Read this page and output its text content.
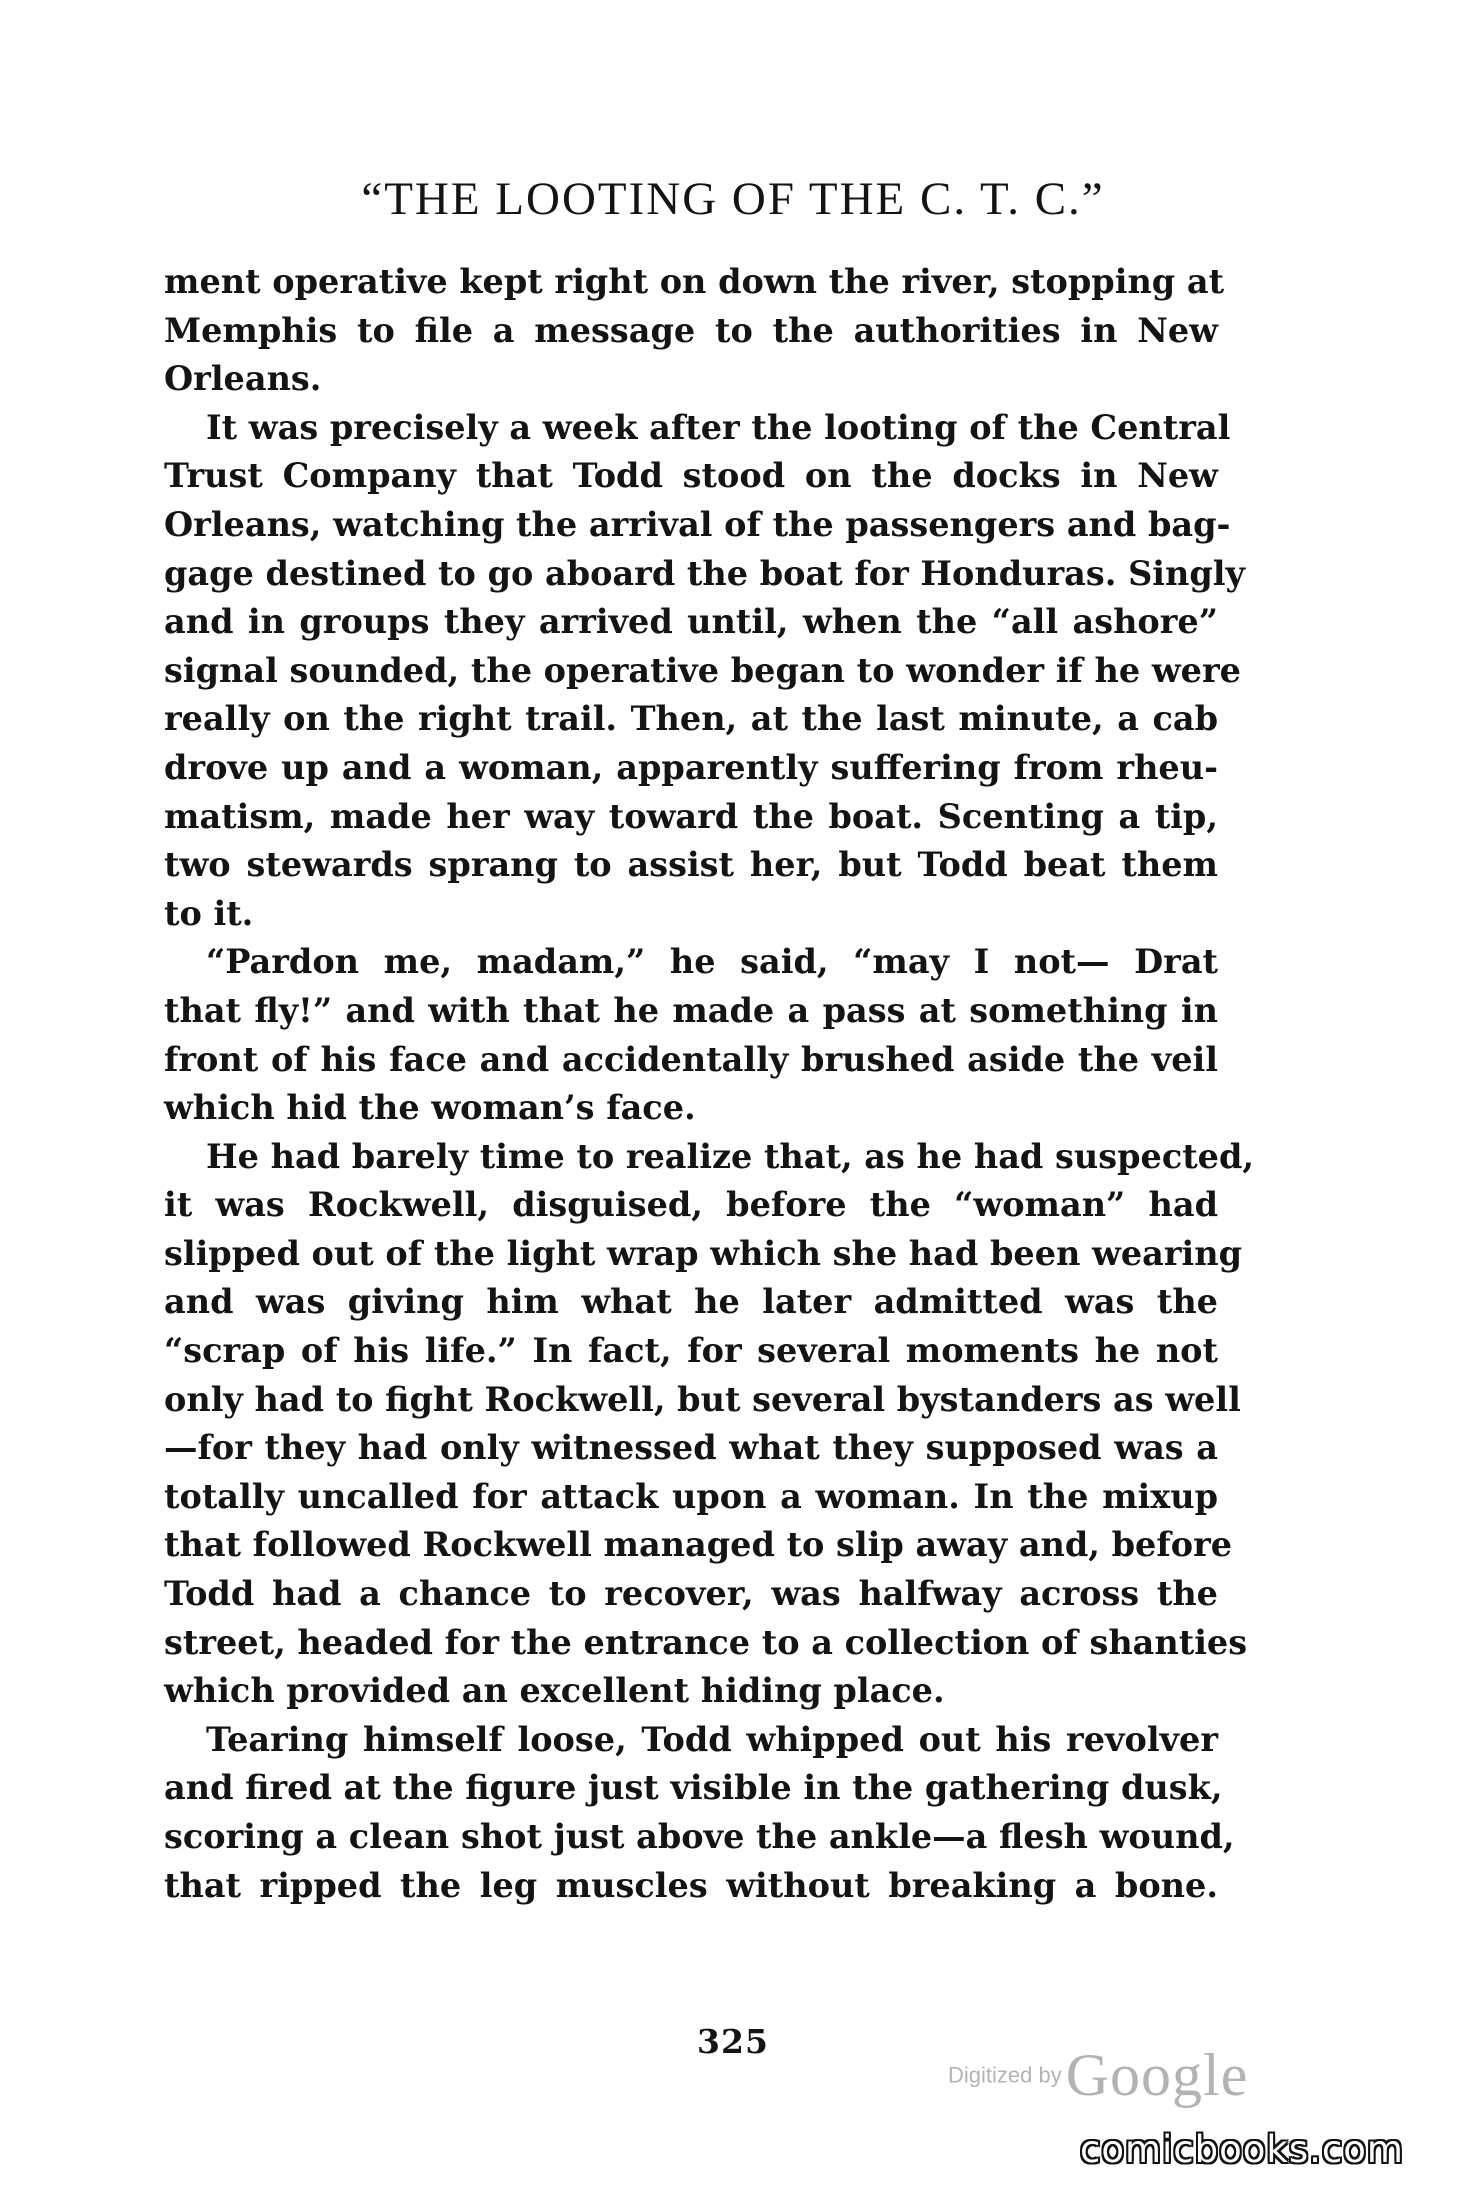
“THE LOOTING OF THE C. T. C.”
ment operative kept right on down the river, stopping at
Memphis to file a message to the authorities in New
Orleans.
It was precisely a week after the looting of the Central
Trust Company that Todd stood on the docks in New
Orleans, watching the arrival of the passengers and bag-
gage destined to go aboard the boat for Honduras. Singly
and in groups they arrived until, when the “all ashore”
signal sounded, the operative began to wonder if he were
really on the right trail. Then, at the last minute, a cab
drove up and a woman, apparently suffering from rheu-
matism, made her way toward the boat. Scenting a tip,
two stewards sprang to assist her, but Todd beat them
to it.
“Pardon me, madam,” he said, “may I not— Drat
that fly!” and with that he made a pass at something in
front of his face and accidentally brushed aside the veil
which hid the woman’s face.
He had barely time to realize that, as he had suspected,
it was Rockwell, disguised, before the “woman” had
slipped out of the light wrap which she had been wearing
and was giving him what he later admitted was the
“scrap of his life.” In fact, for several moments he not
only had to fight Rockwell, but several bystanders as well
—for they had only witnessed what they supposed was a
totally uncalled for attack upon a woman. In the mixup
that followed Rockwell managed to slip away and, before
Todd had a chance to recover, was halfway across the
street, headed for the entrance to a collection of shanties
which provided an excellent hiding place.
Tearing himself loose, Todd whipped out his revolver
and fired at the figure just visible in the gathering dusk,
scoring a clean shot just above the ankle—a flesh wound,
that ripped the leg muscles without breaking a bone.
325
Digitized by Google
comicbooks.com
